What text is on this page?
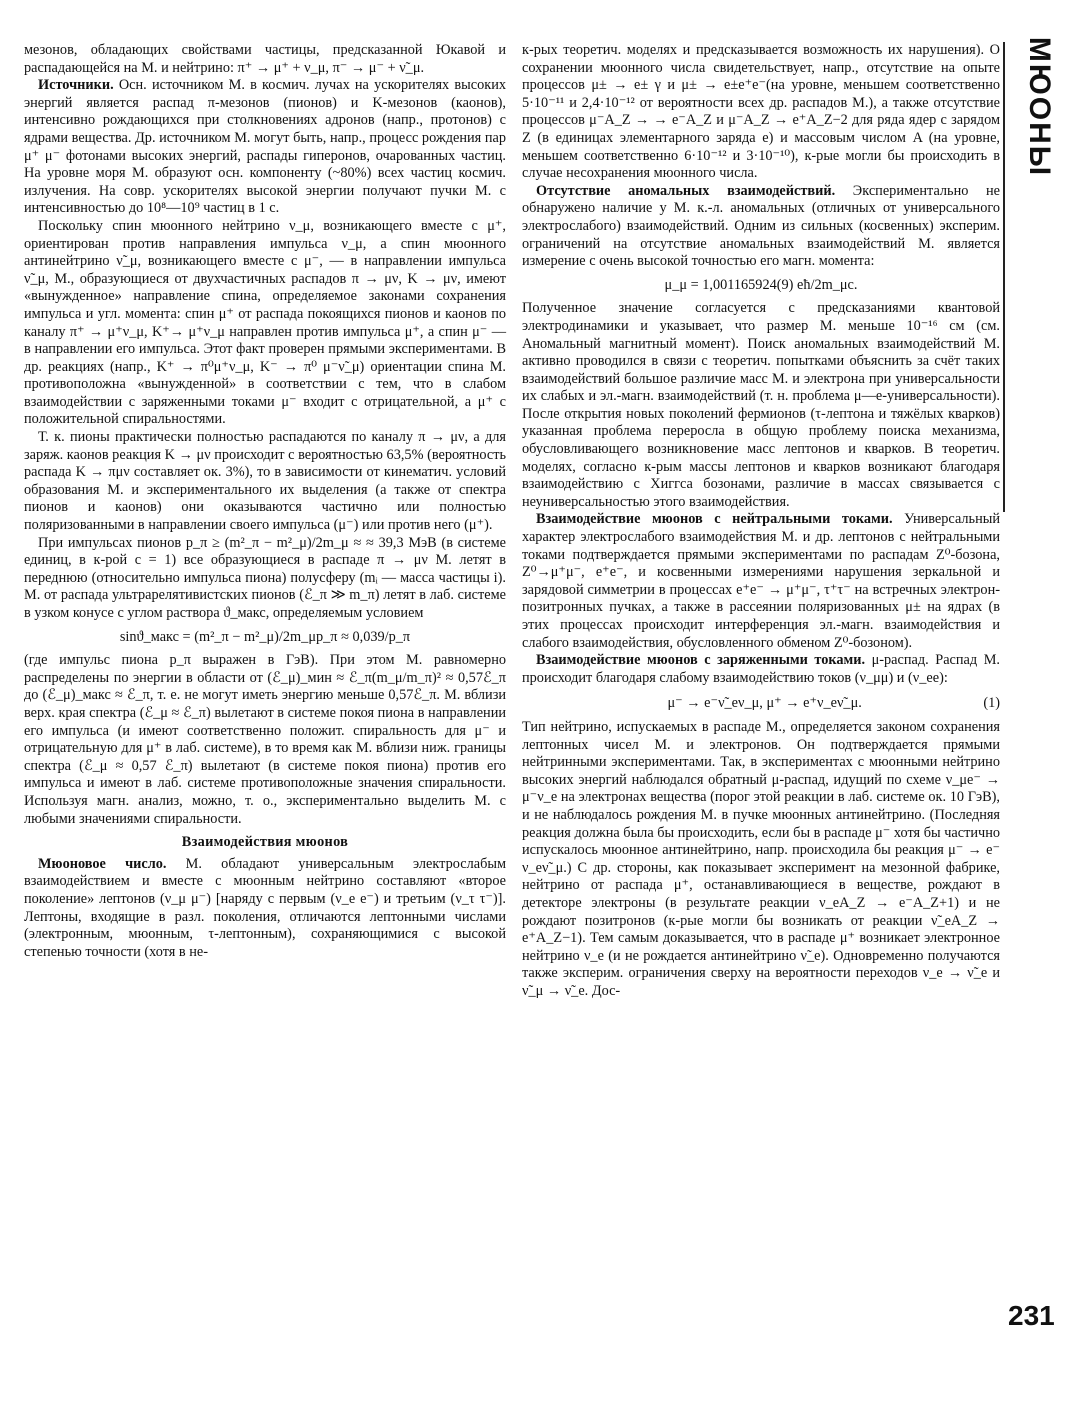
мезонов, обладающих свойствами частицы, предсказанной Юкавой и распадающейся на М. и нейтрино: π⁺ → μ⁺ + ν_μ, π⁻ → μ⁻ + ν̃_μ.

Источники. Осн. источником М. в космич. лучах на ускорителях высоких энергий является распад π-мезонов (пионов) и K-мезонов (каонов), интенсивно рождающихся при столкновениях адронов (напр., протонов) с ядрами вещества. Др. источником М. могут быть, напр., процесс рождения пар μ⁺ μ⁻ фотонами высоких энергий, распады гиперонов, очарованных частиц. На уровне моря М. образуют осн. компоненту (~80%) всех частиц космич. излучения. На совр. ускорителях высокой энергии получают пучки М. с интенсивностью до 10⁸—10⁹ частиц в 1 с.

Поскольку спин мюонного нейтрино ν_μ, возникающего вместе с μ⁺, ориентирован против направления импульса ν_μ, а спин мюонного антинейтрино ν̃_μ, возникающего вместе с μ⁻, — в направлении импульса ν̃_μ, М., образующиеся от двухчастичных распадов π → μν, K → μν, имеют «вынужденное» направление спина, определяемое законами сохранения импульса и угл. момента: спин μ⁺ от распада покоящихся пионов и каонов по каналу π⁺ → μ⁺ν_μ, K⁺→ μ⁺ν_μ направлен против импульса μ⁺, а спин μ⁻ — в направлении его импульса. Этот факт проверен прямыми экспериментами. В др. реакциях (напр., K⁺ → π⁰μ⁺ν_μ, K⁻ → π⁰ μ⁻ν̃_μ) ориентации спина М. противоположна «вынужденной» в соответствии с тем, что в слабом взаимодействии с заряженными токами μ⁻ входит с отрицательной, а μ⁺ с положительной спиральностями.

Т. к. пионы практически полностью распадаются по каналу π → μν, а для заряж. каонов реакция K → μν происходит с вероятностью 63,5% (вероятность распада K → πμν составляет ок. 3%), то в зависимости от кинематич. условий образования М. и экспериментального их выделения (а также от спектра пионов и каонов) они оказываются частично или полностью поляризованными в направлении своего импульса (μ⁻) или против него (μ⁺).

При импульсах пионов p_π ≥ (m²_π − m²_μ)/2m_μ ≈ ≈ 39,3 МэВ (в системе единиц, в к-рой c = 1) все образующиеся в распаде π → μν М. летят в переднюю (относительно импульса пиона) полусферу (mᵢ — масса частицы i). М. от распада ультрарелятивистских пионов (ℰ_π ≫ m_π) летят в лаб. системе в узком конусе с углом раствора ϑ_макс, определяемым условием

sinϑ_макс = (m²_π − m²_μ)/2m_μp_π ≈ 0,039/p_π

(где импульс пиона p_π выражен в ГэВ). При этом М. равномерно распределены по энергии в области от (ℰ_μ)_мин ≈ ℰ_π(m_μ/m_π)² ≈ 0,57ℰ_π до (ℰ_μ)_макс ≈ ℰ_π, т. е. не могут иметь энергию меньше 0,57ℰ_π. М. вблизи верх. края спектра (ℰ_μ ≈ ℰ_π) вылетают в системе покоя пиона в направлении его импульса (и имеют соответственно положит. спиральность для μ⁻ и отрицательную для μ⁺ в лаб. системе), в то время как М. вблизи ниж. границы спектра (ℰ_μ ≈ 0,57 ℰ_π) вылетают (в системе покоя пиона) против его импульса и имеют в лаб. системе противоположные значения спиральности. Используя магн. анализ, можно, т. о., экспериментально выделить М. с любыми значениями спиральности.

Взаимодействия мюонов

Мюоновое число. М. обладают универсальным электрослабым взаимодействием и вместе с мюонным нейтрино составляют «второе поколение» лептонов (ν_μ μ⁻) [наряду с первым (ν_e e⁻) и третьим (ν_τ τ⁻)]. Лептоны, входящие в разл. поколения, отличаются лептонными числами (электронным, мюонным, τ-лептонным), сохраняющимися с высокой степенью точности (хотя в не-

к-рых теоретич. моделях и предсказывается возможность их нарушения). О сохранении мюонного числа свидетельствует, напр., отсутствие на опыте процессов μ± → e± γ и μ± → e±e⁺e⁻(на уровне, меньшем соответственно 5·10⁻¹¹ и 2,4·10⁻¹² от вероятности всех др. распадов М.), а также отсутствие процессов μ⁻A_Z → → e⁻A_Z и μ⁻A_Z → e⁺A_Z−2 для ряда ядер с зарядом Z (в единицах элементарного заряда e) и массовым числом A (на уровне, меньшем соответственно 6·10⁻¹² и 3·10⁻¹⁰), к-рые могли бы происходить в случае несохранения мюонного числа.

Отсутствие аномальных взаимодействий. Экспериментально не обнаружено наличие у М. к.-л. аномальных (отличных от универсального электрослабого) взаимодействий. Одним из сильных (косвенных) эксперим. ограничений на отсутствие аномальных взаимодействий М. является измерение с очень высокой точностью его магн. момента:

μ_μ = 1,001165924(9) eħ/2m_μc.

Полученное значение согласуется с предсказаниями квантовой электродинамики и указывает, что размер М. меньше 10⁻¹⁶ см (см. Аномальный магнитный момент). Поиск аномальных взаимодействий М. активно проводился в связи с теоретич. попытками объяснить за счёт таких взаимодействий большое различие масс М. и электрона при универсальности их слабых и эл.-магн. взаимодействий (т. н. проблема μ—e-универсальности). После открытия новых поколений фермионов (τ-лептона и тяжёлых кварков) указанная проблема переросла в общую проблему поиска механизма, обусловливающего возникновение масс лептонов и кварков. В теоретич. моделях, согласно к-рым массы лептонов и кварков возникают благодаря взаимодействию с Хиггса бозонами, различие в массах связывается с неуниверсальностью этого взаимодействия.

Взаимодействие мюонов с нейтральными токами. Универсальный характер электрослабого взаимодействия М. и др. лептонов с нейтральными токами подтверждается прямыми экспериментами по распадам Z⁰-бозона, Z⁰→μ⁺μ⁻, e⁺e⁻, и косвенными измерениями нарушения зеркальной и зарядовой симметрии в процессах e⁺e⁻ → μ⁺μ⁻, τ⁺τ⁻ на встречных электрон-позитронных пучках, а также в рассеянии поляризованных μ± на ядрах (в этих процессах происходит интерференция эл.-магн. взаимодействия и слабого взаимодействия, обусловленного обменом Z⁰-бозоном).

Взаимодействие мюонов с заряженными токами. μ-распад. Распад М. происходит благодаря слабому взаимодействию токов (ν_μμ) и (ν_ee):

μ⁻ → e⁻ν̃_eν_μ, μ⁺ → e⁺ν_eν̃_μ.	(1)

Тип нейтрино, испускаемых в распаде М., определяется законом сохранения лептонных чисел М. и электронов. Он подтверждается прямыми нейтринными экспериментами. Так, в экспериментах с мюонными нейтрино высоких энергий наблюдался обратный μ-распад, идущий по схеме ν_μe⁻ → μ⁻ν_e на электронах вещества (порог этой реакции в лаб. системе ок. 10 ГэВ), и не наблюдалось рождения М. в пучке мюонных антинейтрино. (Последняя реакция должна была бы происходить, если бы в распаде μ⁻ хотя бы частично испускалось мюонное антинейтрино, напр. происходила бы реакция μ⁻ → e⁻ ν_eν̃_μ.) С др. стороны, как показывает эксперимент на мезонной фабрике, нейтрино от распада μ⁺, останавливающиеся в веществе, рождают в детекторе электроны (в результате реакции ν_eA_Z → e⁻A_Z+1) и не рождают позитронов (к-рые могли бы возникать от реакции ν̃_eA_Z → e⁺A_Z−1). Тем самым доказывается, что в распаде μ⁺ возникает электронное нейтрино ν_e (и не рождается антинейтрино ν̃_e). Одновременно получаются также эксперим. ограничения сверху на вероятности переходов ν_e → ν̃_e и ν̃_μ → ν̃_e. Дос-

МЮОНЫ
231
